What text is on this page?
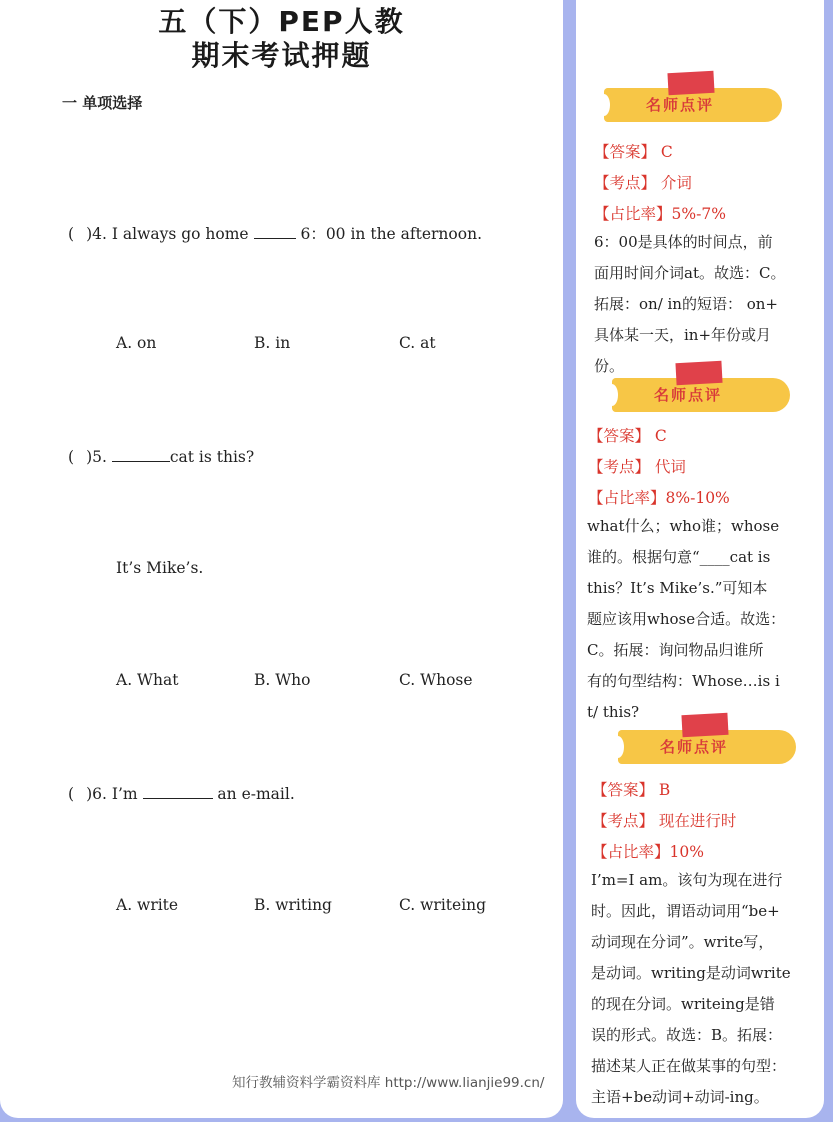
五（下）PEP人教
期末考试押题
一 单项选择
( )4. I always go home	6：00 in the afternoon.
A. on	B. in	C. at
( )5.	cat is this?
It’s Mike’s.
A. What	B. Who	C. Whose
( )6. I’m	an e-mail.
A. write	B. writing	C. writeing
名师点评
【答案】 C
【考点】 介词
【占比率】5%-7%
6：00是具体的时间点，前
面用时间介词at。故选：C。
拓展：on/ in的短语： on+
具体某一天，in+年份或月
份。
名师点评
【答案】 C
【考点】 代词
【占比率】8%-10%
what什么；who谁；whose
谁的。根据句意“____cat is
this？It’s Mike’s.”可知本
题应该用whose合适。故选：
C。拓展：询问物品归谁所
有的句型结构：Whose…is i
t/ this?
名师点评
【答案】 B
【考点】 现在进行时
【占比率】10%
I’m=I am。该句为现在进行
时。因此，谓语动词用“be+
动词现在分词”。write写，
是动词。writing是动词write
的现在分词。writeing是错
误的形式。故选：B。拓展：
描述某人正在做某事的句型：
主语+be动词+动词-ing。
知行教辅资料学霸资料库 http://www.lianjie99.cn/
